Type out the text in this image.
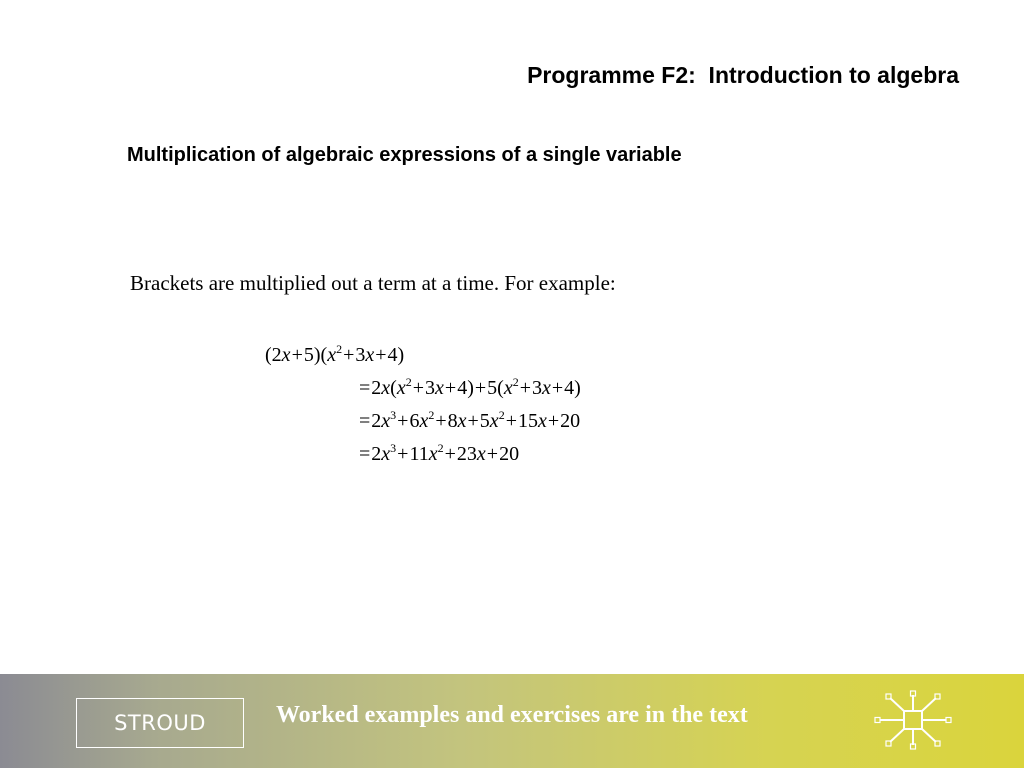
Programme F2:  Introduction to algebra
Multiplication of algebraic expressions of a single variable
Brackets are multiplied out a term at a time. For example:
$(2x+5)(x^2+3x+4)$
$=2x(x^2+3x+4)+5(x^2+3x+4)$
$=2x^3+6x^2+8x+5x^2+15x+20$
$=2x^3+11x^2+23x+20$
STROUD	Worked examples and exercises are in the text
